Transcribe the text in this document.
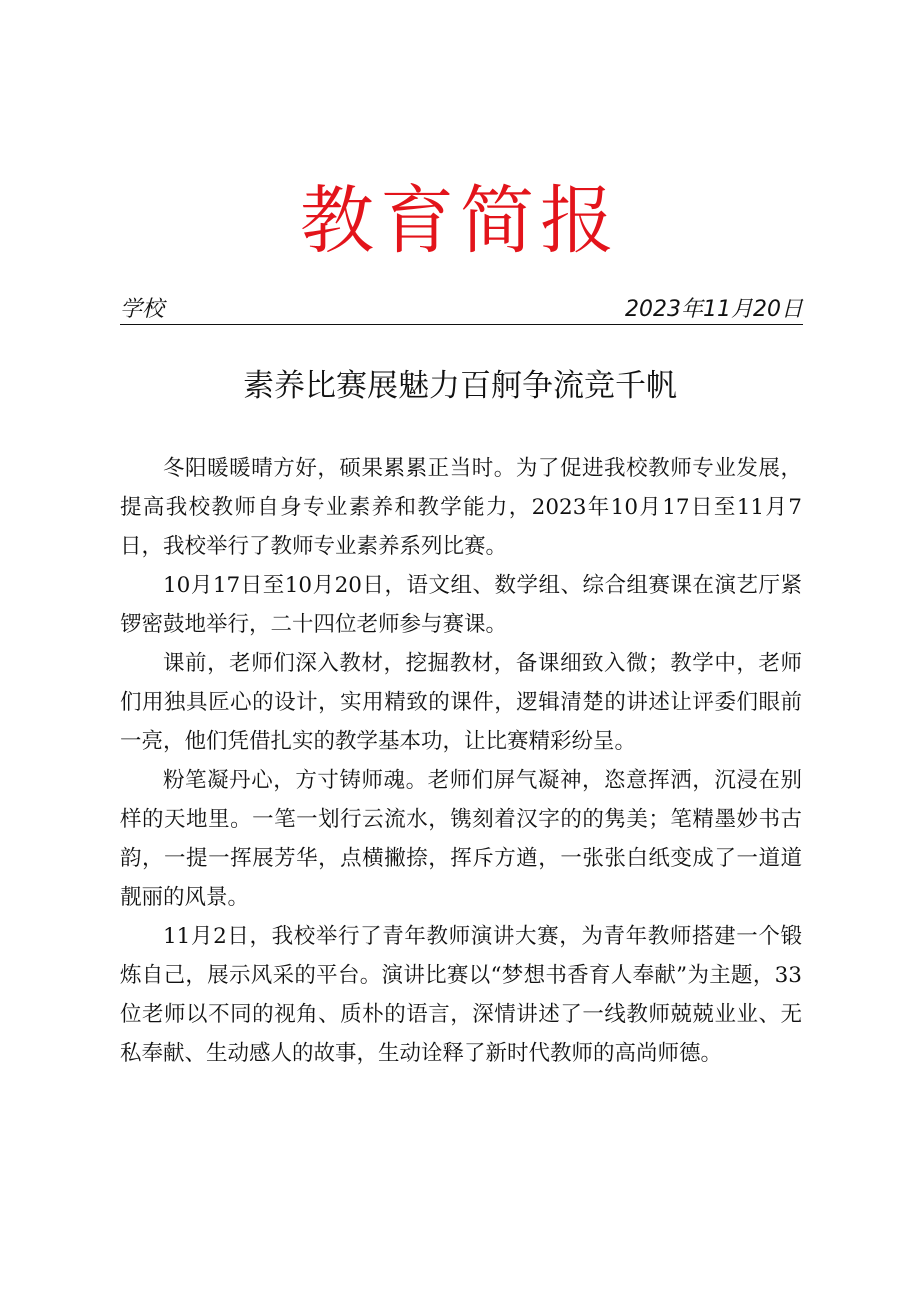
教育简报
学校	2023年11月20日
素养比赛展魅力百舸争流竞千帆

冬阳暖暖晴方好，硕果累累正当时。为了促进我校教师专业发展，提高我校教师自身专业素养和教学能力，2023年10月17日至11月7日，我校举行了教师专业素养系列比赛。

10月17日至10月20日，语文组、数学组、综合组赛课在演艺厅紧锣密鼓地举行，二十四位老师参与赛课。

课前，老师们深入教材，挖掘教材，备课细致入微；教学中，老师们用独具匠心的设计，实用精致的课件，逻辑清楚的讲述让评委们眼前一亮，他们凭借扎实的教学基本功，让比赛精彩纷呈。

粉笔凝丹心，方寸铸师魂。老师们屏气凝神，恣意挥洒，沉浸在别样的天地里。一笔一划行云流水，镌刻着汉字的的隽美；笔精墨妙书古韵，一提一挥展芳华，点横撇捺，挥斥方遒，一张张白纸变成了一道道靓丽的风景。

11月2日，我校举行了青年教师演讲大赛，为青年教师搭建一个锻炼自己，展示风采的平台。演讲比赛以“梦想书香育人奉献”为主题，33位老师以不同的视角、质朴的语言，深情讲述了一线教师兢兢业业、无私奉献、生动感人的故事，生动诠释了新时代教师的高尚师德。
